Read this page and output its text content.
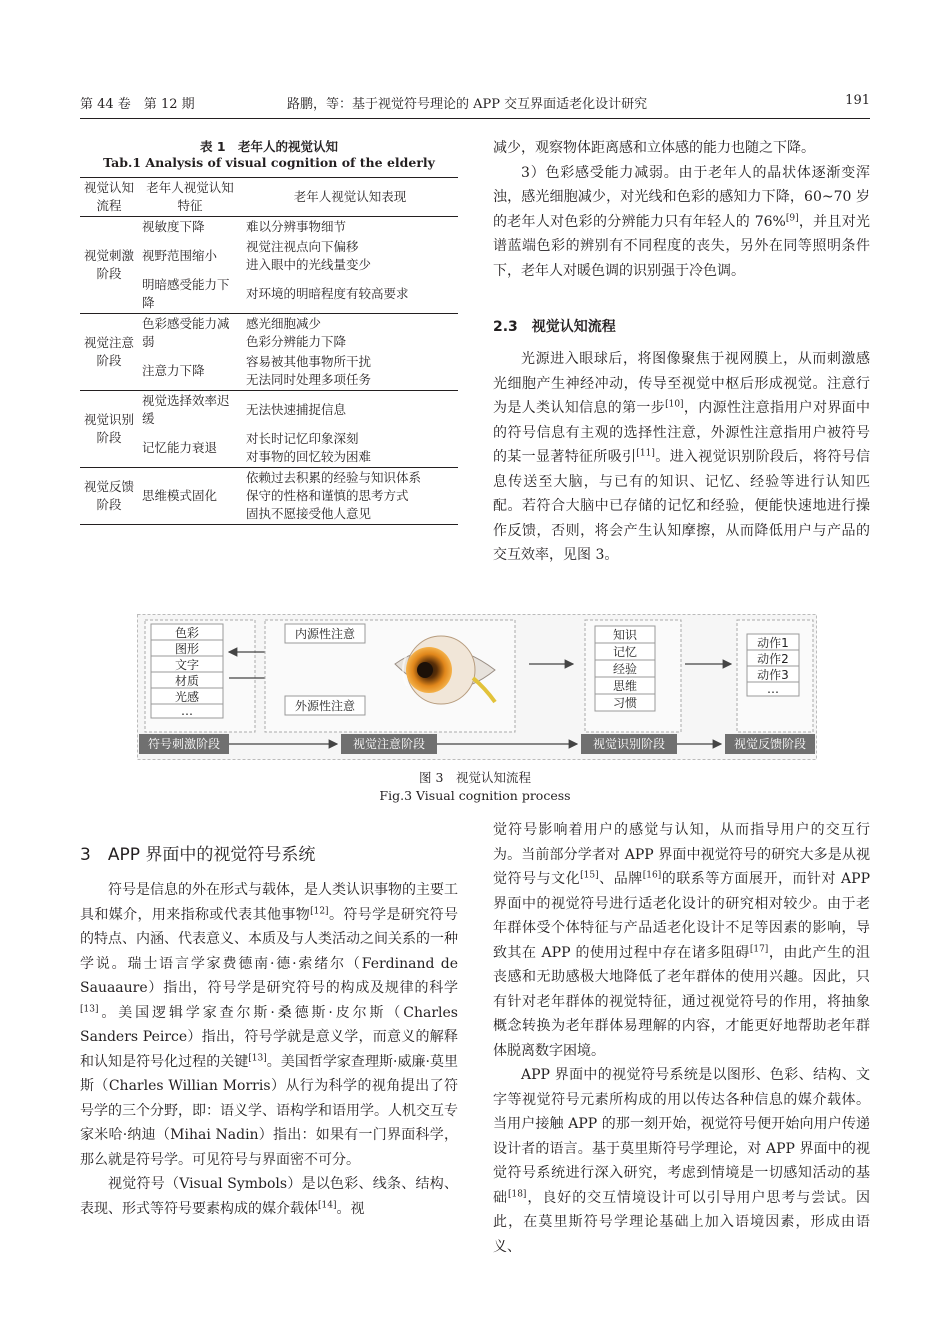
第 44 卷　第 12 期	路鹏，等：基于视觉符号理论的 APP 交互界面适老化设计研究	191
表 1　老年人的视觉认知
Tab.1 Analysis of visual cognition of the elderly
视觉认知流程	老年人视觉认知特征	老年人视觉认知表现
视觉刺激阶段	视敏度下降	难以分辨事物细节
	视野范围缩小	视觉注视点向下偏移
进入眼中的光线量变少
	明暗感受能力下降	对环境的明暗程度有较高要求
视觉注意阶段	色彩感受能力减弱	感光细胞减少
色彩分辨能力下降
	注意力下降	容易被其他事物所干扰
无法同时处理多项任务
视觉识别阶段	视觉选择效率迟缓	无法快速捕捉信息
	记忆能力衰退	对长时记忆印象深刻
对事物的回忆较为困难
视觉反馈阶段	思维模式固化	依赖过去积累的经验与知识体系
保守的性格和谨慎的思考方式
固执不愿接受他人意见

减少，观察物体距离感和立体感的能力也随之下降。

3）色彩感受能力减弱。由于老年人的晶状体逐渐变浑浊，感光细胞减少，对光线和色彩的感知力下降，60~70 岁的老年人对色彩的分辨能力只有年轻人的 76%[9]，并且对光谱蓝端色彩的辨别有不同程度的丧失，另外在同等照明条件下，老年人对暖色调的识别强于冷色调。

2.3　视觉认知流程

光源进入眼球后，将图像聚焦于视网膜上，从而刺激感光细胞产生神经冲动，传导至视觉中枢后形成视觉。注意行为是人类认知信息的第一步[10]，内源性注意指用户对界面中的符号信息有主观的选择性注意，外源性注意指用户被符号的某一显著特征所吸引[11]。进入视觉识别阶段后，将符号信息传送至大脑，与已有的知识、记忆、经验等进行认知匹配。若符合大脑中已存储的记忆和经验，便能快速地进行操作反馈，否则，将会产生认知摩擦，从而降低用户与产品的交互效率，见图 3。

色彩
图形
文字
材质
光感
…
内源性注意
外源性注意
知识
记忆
经验
思维
习惯
动作1
动作2
动作3
…
符号刺激阶段	视觉注意阶段	视觉识别阶段	视觉反馈阶段
图 3　视觉认知流程
Fig.3 Visual cognition process
3　APP 界面中的视觉符号系统

符号是信息的外在形式与载体，是人类认识事物的主要工具和媒介，用来指称或代表其他事物[12]。符号学是研究符号的特点、内涵、代表意义、本质及与人类活动之间关系的一种学说。瑞士语言学家费德南·德·索绪尔（Ferdinand de Sauaaure）指出，符号学是研究符号的构成及规律的科学[13]。美国逻辑学家查尔斯·桑德斯·皮尔斯（Charles Sanders Peirce）指出，符号学就是意义学，而意义的解释和认知是符号化过程的关键[13]。美国哲学家查理斯·威廉·莫里斯（Charles Willian Morris）从行为科学的视角提出了符号学的三个分野，即：语义学、语构学和语用学。人机交互专家米哈·纳迪（Mihai Nadin）指出：如果有一门界面科学，那么就是符号学。可见符号与界面密不可分。

视觉符号（Visual Symbols）是以色彩、线条、结构、表现、形式等符号要素构成的媒介载体[14]。视

觉符号影响着用户的感觉与认知，从而指导用户的交互行为。当前部分学者对 APP 界面中视觉符号的研究大多是从视觉符号与文化[15]、品牌[16]的联系等方面展开，而针对 APP 界面中的视觉符号进行适老化设计的研究相对较少。由于老年群体受个体特征与产品适老化设计不足等因素的影响，导致其在 APP 的使用过程中存在诸多阻碍[17]，由此产生的沮丧感和无助感极大地降低了老年群体的使用兴趣。因此，只有针对老年群体的视觉特征，通过视觉符号的作用，将抽象概念转换为老年群体易理解的内容，才能更好地帮助老年群体脱离数字困境。

APP 界面中的视觉符号系统是以图形、色彩、结构、文字等视觉符号元素所构成的用以传达各种信息的媒介载体。当用户接触 APP 的那一刻开始，视觉符号便开始向用户传递设计者的语言。基于莫里斯符号学理论，对 APP 界面中的视觉符号系统进行深入研究，考虑到情境是一切感知活动的基础[18]，良好的交互情境设计可以引导用户思考与尝试。因此，在莫里斯符号学理论基础上加入语境因素，形成由语义、
